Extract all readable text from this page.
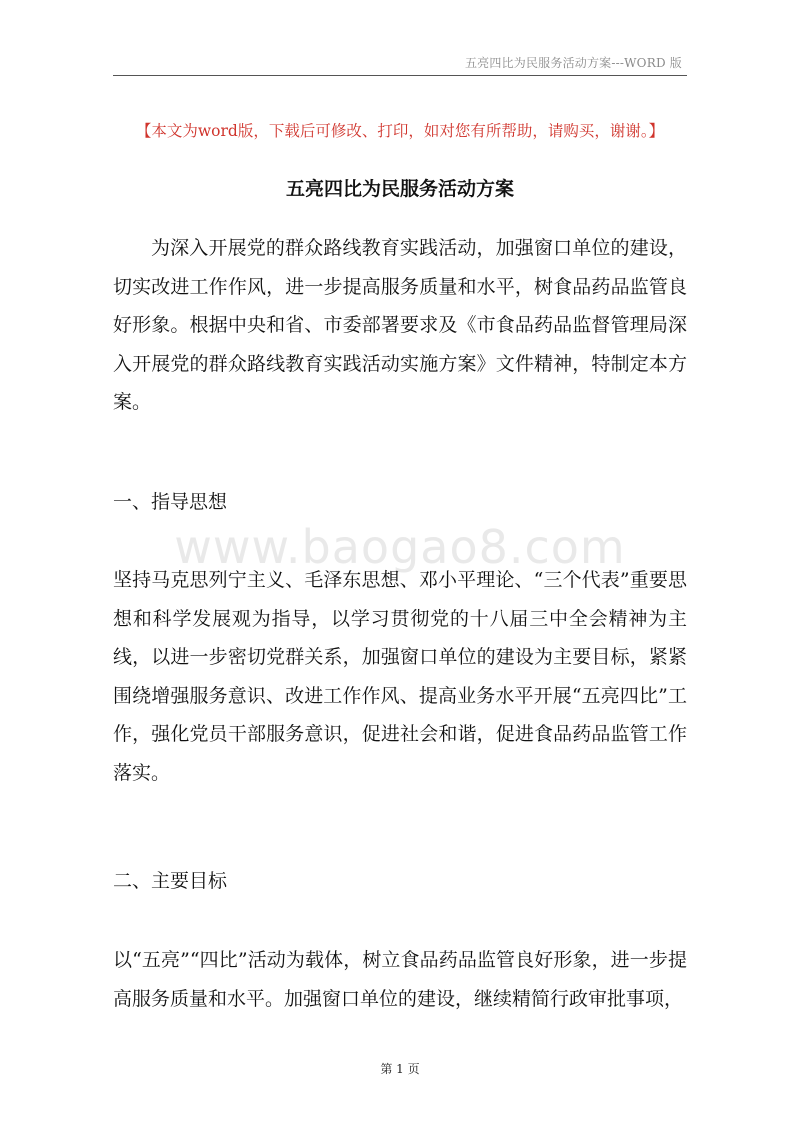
五亮四比为民服务活动方案---WORD 版
【本文为word版，下载后可修改、打印，如对您有所帮助，请购买，谢谢。】
五亮四比为民服务活动方案

为深入开展党的群众路线教育实践活动，加强窗口单位的建设，切实改进工作作风，进一步提高服务质量和水平，树食品药品监管良好形象。根据中央和省、市委部署要求及《市食品药品监督管理局深入开展党的群众路线教育实践活动实施方案》文件精神，特制定本方案。

一、指导思想

www.baogao8.com

坚持马克思列宁主义、毛泽东思想、邓小平理论、“三个代表”重要思想和科学发展观为指导，以学习贯彻党的十八届三中全会精神为主线，以进一步密切党群关系，加强窗口单位的建设为主要目标，紧紧围绕增强服务意识、改进工作作风、提高业务水平开展“五亮四比”工作，强化党员干部服务意识，促进社会和谐，促进食品药品监管工作落实。

二、主要目标

以“五亮”“四比”活动为载体，树立食品药品监管良好形象，进一步提高服务质量和水平。加强窗口单位的建设，继续精简行政审批事项，

第 1 页
